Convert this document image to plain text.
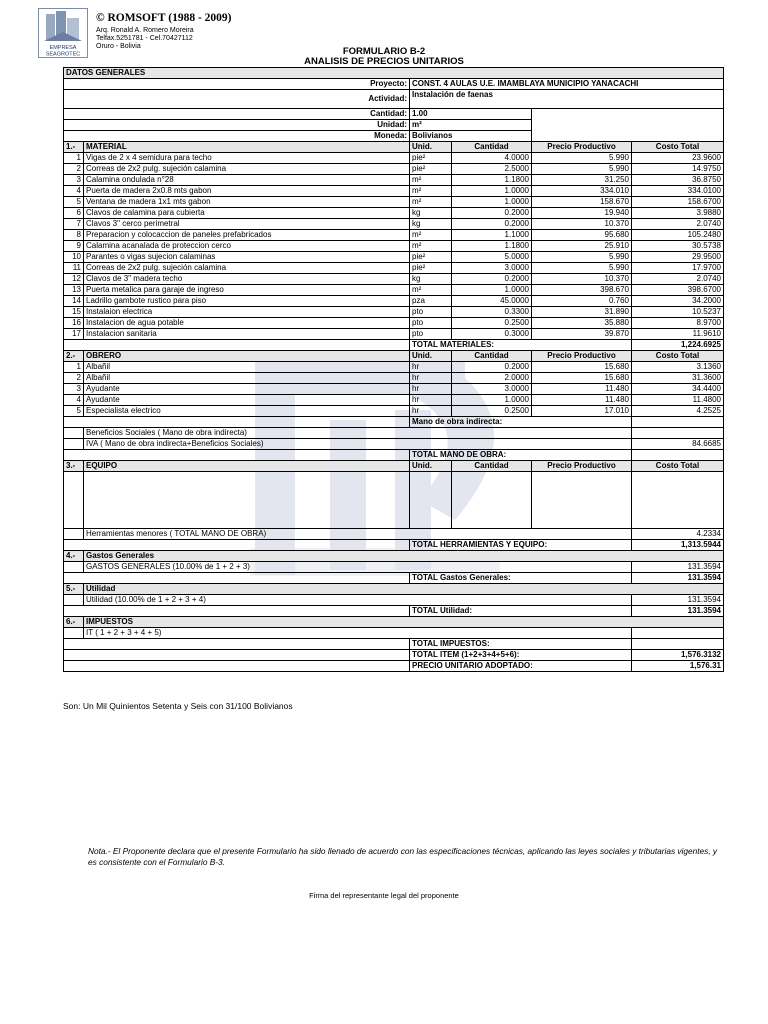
EMPRESA
SEAGROTEC
© ROMSOFT (1988 - 2009)
Arq. Ronald A. Romero Moreira
Telfax.5251781 - Cel.70427112
Oruro - Bolivia	FORMULARIO B-2
ANALISIS DE PRECIOS UNITARIOS
DATOS GENERALES					
Proyecto:		CONST. 4 AULAS U.E. IMAMBLAYA MUNICIPIO YANACACHI			
Actividad:		Instalación de faenas			
Cantidad:		1.00			
Unidad:		m²			
Moneda:		Bolivianos			
1.-	MATERIAL	Unid.	Cantidad	Precio Productivo	Costo Total
1	Vigas de 2 x 4 semidura para techo	pie²	4.0000	5.990	23.9600
2	Correas de 2x2 pulg. sujeción calamina	pie²	2.5000	5.990	14.9750
3	Calamina ondulada n°28	m²	1.1800	31.250	36.8750
4	Puerta de madera 2x0.8 mts gabon	m²	1.0000	334.010	334.0100
5	Ventana de madera 1x1 mts gabon	m²	1.0000	158.670	158.6700
6	Clavos de calamina para cubierta	kg	0.2000	19.940	3.9880
7	Clavos 3" cerco perimetral	kg	0.2000	10.370	2.0740
8	Preparacion y colocaccion de paneles prefabricados	m²	1.1000	95.680	105.2480
9	Calamina acanalada de proteccion cerco	m²	1.1800	25.910	30.5738
10	Parantes o vigas sujecion calaminas	pie²	5.0000	5.990	29.9500
11	Correas de 2x2 pulg. sujeción calamina	pie²	3.0000	5.990	17.9700
12	Clavos de 3" madera techo	kg	0.2000	10.370	2.0740
13	Puerta metalica para garaje de ingreso	m²	1.0000	398.670	398.6700
14	Ladrillo gambote rustico para piso	pza	45.0000	0.760	34.2000
15	Instalaion electrica	pto	0.3300	31.890	10.5237
16	Instalacion de agua potable	pto	0.2500	35.880	8.9700
17	Instalacion sanitaria	pto	0.3000	39.870	11.9610
		TOTAL MATERIALES:			1,224.6925
2.-	OBRERO	Unid.	Cantidad	Precio Productivo	Costo Total
1	Albañil	hr	0.2000	15.680	3.1360
2	Albañil	hr	2.0000	15.680	31.3600
3	Ayudante	hr	3.0000	11.480	34.4400
4	Ayudante	hr	1.0000	11.480	11.4800
5	Especialista electrico	hr	0.2500	17.010	4.2525
		Mano de obra indirecta:			
	Beneficios Sociales ( Mano de obra indirecta)				
	IVA ( Mano de obra indirecta+Beneficios Sociales)				84.6685
		TOTAL MANO DE OBRA:			
3.-	EQUIPO	Unid.	Cantidad	Precio Productivo	Costo Total

	Herramientas menores ( TOTAL MANO DE OBRA)				4.2334
		TOTAL HERRAMIENTAS Y EQUIPO:			1,313.5944
4.-	Gastos Generales				
	GASTOS GENERALES (10.00% de 1 + 2 + 3)				131.3594
		TOTAL Gastos Generales:			131.3594
5.-	Utilidad				
	Utilidad (10.00% de 1 + 2 + 3 + 4)				131.3594
		TOTAL Utilidad:			131.3594
6.-	IMPUESTOS				
	IT ( 1 + 2 + 3 + 4 + 5)				
		TOTAL IMPUESTOS:			
		TOTAL ITEM (1+2+3+4+5+6):			1,576.3132
		PRECIO UNITARIO ADOPTADO:			1,576.31
Son: Un Mil Quinientos Setenta y Seis con 31/100 Bolivianos
Nota.- El Proponente declara que el presente Formulario ha sido llenado de acuerdo con las especificaciones técnicas, aplicando las leyes sociales y tributarias vigentes, y es consistente con el Formulario B-3.
Firma del representante legal del proponente
